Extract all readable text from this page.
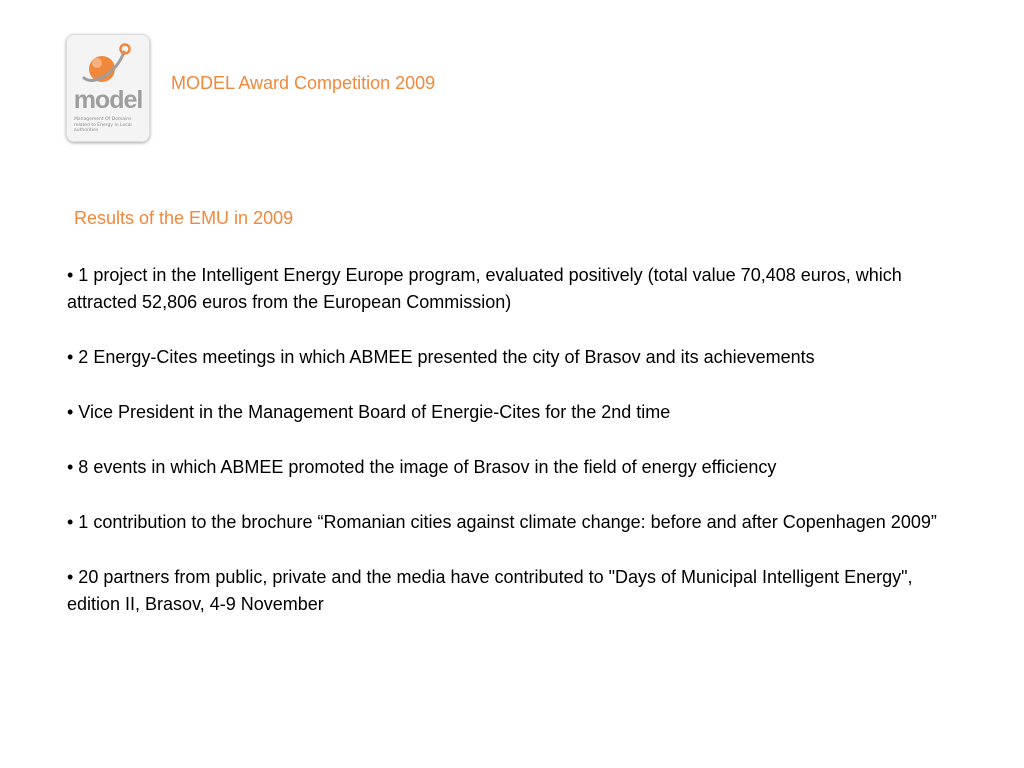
model
Management Of Domains related to Energy in Local authorities
MODEL Award Competition 2009
Results of the EMU in 2009
• 1 project in the Intelligent Energy Europe program, evaluated positively (total value 70,408 euros, which attracted 52,806 euros from the European Commission)
• 2 Energy-Cites meetings in which ABMEE presented the city of Brasov and its achievements
• Vice President in the Management Board of Energie-Cites for the 2nd time
• 8 events in which ABMEE promoted the image of Brasov in the field of energy efficiency
• 1 contribution to the brochure “Romanian cities against climate change: before and after Copenhagen 2009”
• 20 partners from public, private and the media have contributed to "Days of Municipal Intelligent Energy", edition II, Brasov, 4-9 November
